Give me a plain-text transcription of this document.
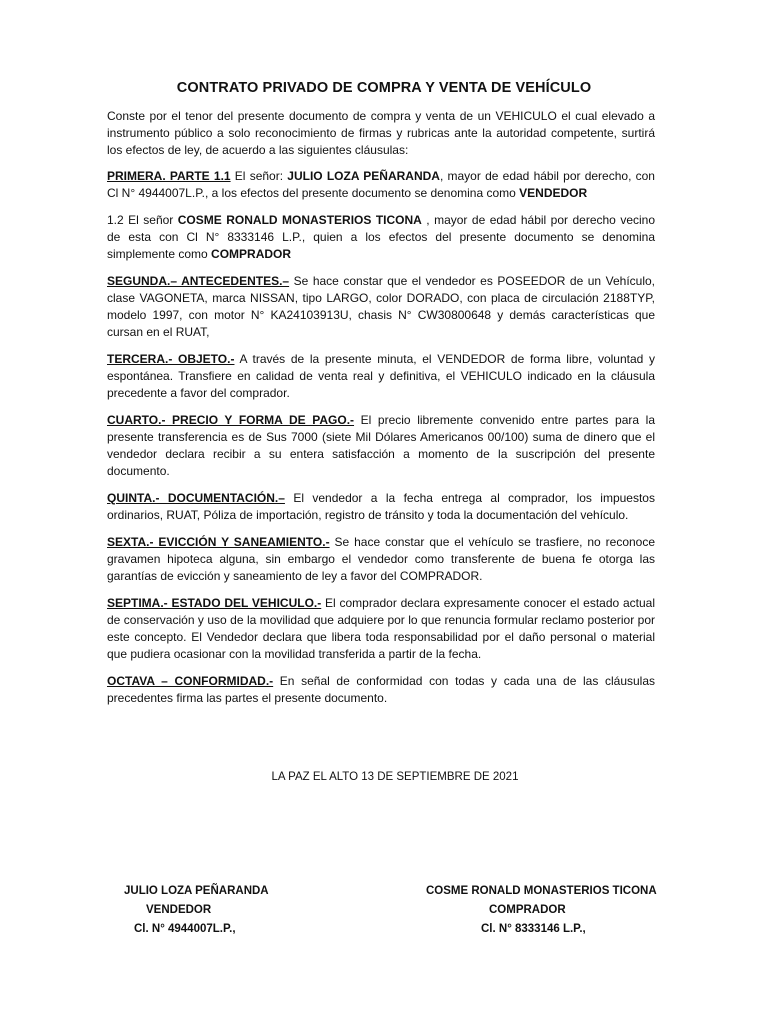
CONTRATO PRIVADO DE COMPRA Y VENTA DE VEHÍCULO

Conste por el tenor del presente documento de compra y venta de un VEHICULO el cual elevado a instrumento público a solo reconocimiento de firmas y rubricas ante la autoridad competente, surtirá los efectos de ley, de acuerdo a las siguientes cláusulas:

PRIMERA. PARTE 1.1 El señor: JULIO LOZA PEÑARANDA, mayor de edad hábil por derecho, con Cl N° 4944007L.P., a los efectos del presente documento se denomina como VENDEDOR

1.2 El señor COSME RONALD MONASTERIOS TICONA , mayor de edad hábil por derecho vecino de esta con Cl N° 8333146 L.P., quien a los efectos del presente documento se denomina simplemente como COMPRADOR

SEGUNDA.– ANTECEDENTES.– Se hace constar que el vendedor es POSEEDOR de un Vehículo, clase VAGONETA, marca NISSAN, tipo LARGO, color DORADO, con placa de circulación 2188TYP, modelo 1997, con motor N° KA24103913U, chasis N° CW30800648 y demás características que cursan en el RUAT,

TERCERA.- OBJETO.- A través de la presente minuta, el VENDEDOR de forma libre, voluntad y espontánea. Transfiere en calidad de venta real y definitiva, el VEHICULO indicado en la cláusula precedente a favor del comprador.

CUARTO.- PRECIO Y FORMA DE PAGO.- El precio libremente convenido entre partes para la presente transferencia es de Sus 7000 (siete Mil Dólares Americanos 00/100) suma de dinero que el vendedor declara recibir a su entera satisfacción a momento de la suscripción del presente documento.

QUINTA.- DOCUMENTACIÓN.– El vendedor a la fecha entrega al comprador, los impuestos ordinarios, RUAT, Póliza de importación, registro de tránsito y toda la documentación del vehículo.

SEXTA.- EVICCIÓN Y SANEAMIENTO.- Se hace constar que el vehículo se trasfiere, no reconoce gravamen hipoteca alguna, sin embargo el vendedor como transferente de buena fe otorga las garantías de evicción y saneamiento de ley a favor del COMPRADOR.

SEPTIMA.- ESTADO DEL VEHICULO.- El comprador declara expresamente conocer el estado actual de conservación y uso de la movilidad que adquiere por lo que renuncia formular reclamo posterior por este concepto. El Vendedor declara que libera toda responsabilidad por el daño personal o material que pudiera ocasionar con la movilidad transferida a partir de la fecha.

OCTAVA – CONFORMIDAD.- En señal de conformidad con todas y cada una de las cláusulas precedentes firma las partes el presente documento.

LA PAZ EL ALTO 13 DE SEPTIEMBRE DE 2021
JULIO LOZA PEÑARANDA
VENDEDOR
Cl. N° 4944007L.P.,
COSME RONALD MONASTERIOS TICONA
COMPRADOR
Cl. N° 8333146 L.P.,
